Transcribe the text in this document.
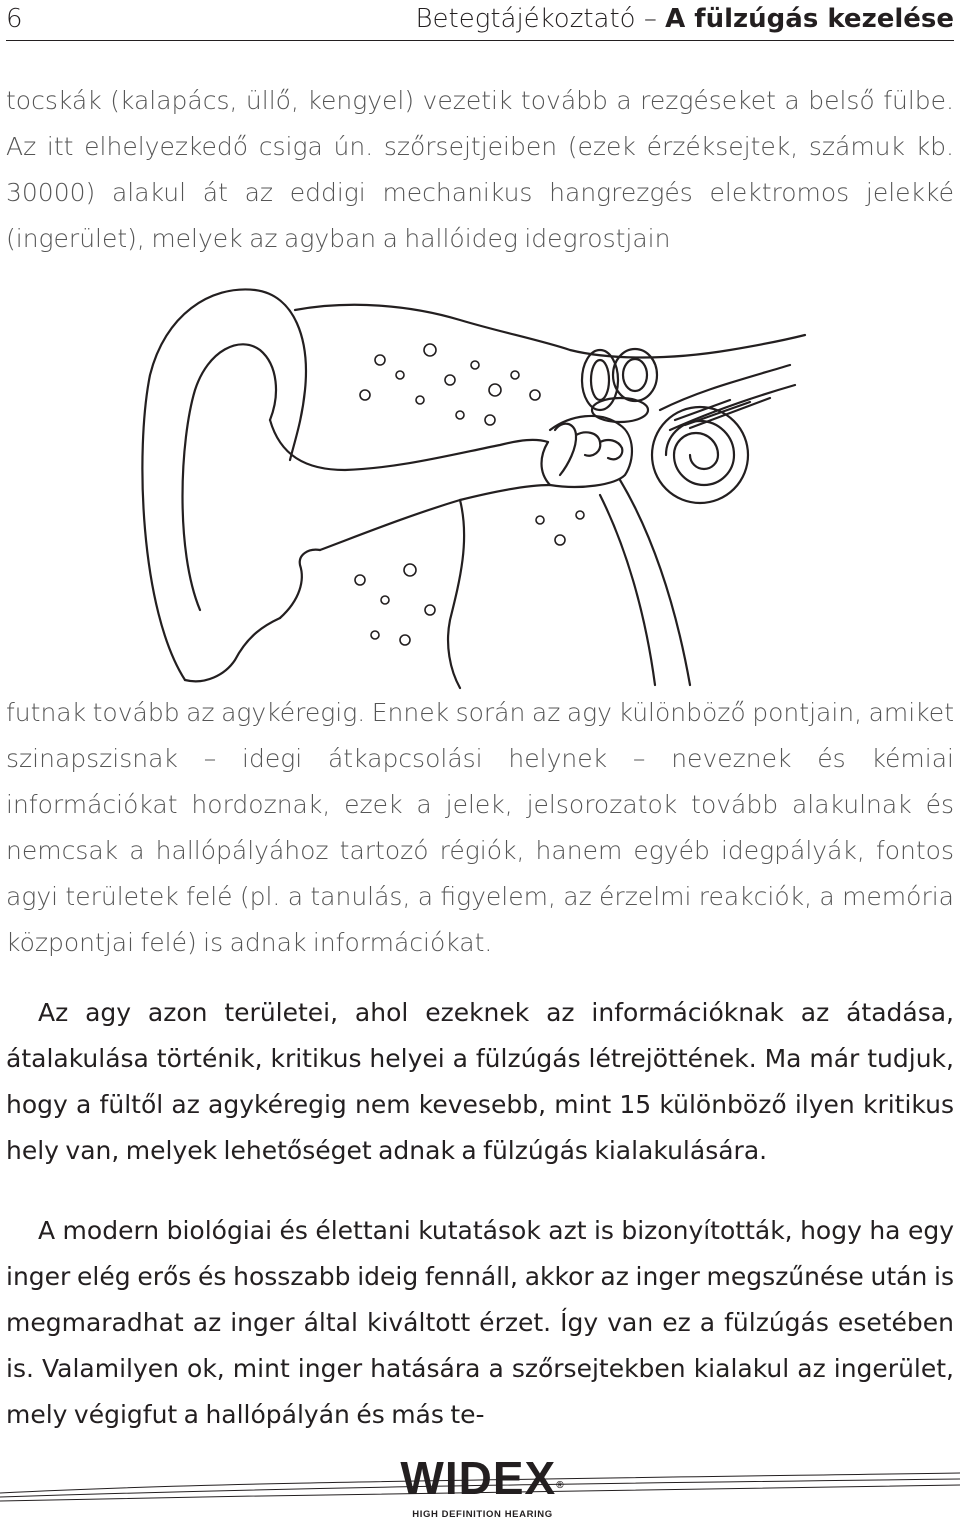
6	Betegtájékoztató – A fülzúgás kezelése

tocskák (kalapács, üllő, kengyel) vezetik tovább a rezgéseket a belső fülbe. Az itt elhelyezkedő csiga ún. szőrsejtjeiben (ezek érzéksejtek, számuk kb. 30000) alakul át az eddigi mechanikus hangrezgés elektromos jelekké (ingerület), melyek az agyban a hallóideg idegrostjain

futnak tovább az agykéregig. Ennek során az agy különböző pontjain, amiket szinapszisnak – idegi átkapcsolási helynek – neveznek és kémiai információkat hordoznak, ezek a jelek, jelsorozatok tovább alakulnak és nemcsak a hallópályához tartozó régiók, hanem egyéb idegpályák, fontos agyi területek felé (pl. a tanulás, a figyelem, az érzelmi reakciók, a memória központjai felé) is adnak információkat.

Az agy azon területei, ahol ezeknek az információknak az átadása, átalakulása történik, kritikus helyei a fülzúgás létrejöttének. Ma már tudjuk, hogy a fültől az agykéregig nem kevesebb, mint 15 különböző ilyen kritikus hely van, melyek lehetőséget adnak a fülzúgás kialakulására.

A modern biológiai és élettani kutatások azt is bizonyították, hogy ha egy inger elég erős és hosszabb ideig fennáll, akkor az inger megszűnése után is megmaradhat az inger által kiváltott érzet. Így van ez a fülzúgás esetében is. Valamilyen ok, mint inger hatására a szőrsejtekben kialakul az ingerület, mely végigfut a hallópályán és más te-

WIDEX®
HIGH DEFINITION HEARING
